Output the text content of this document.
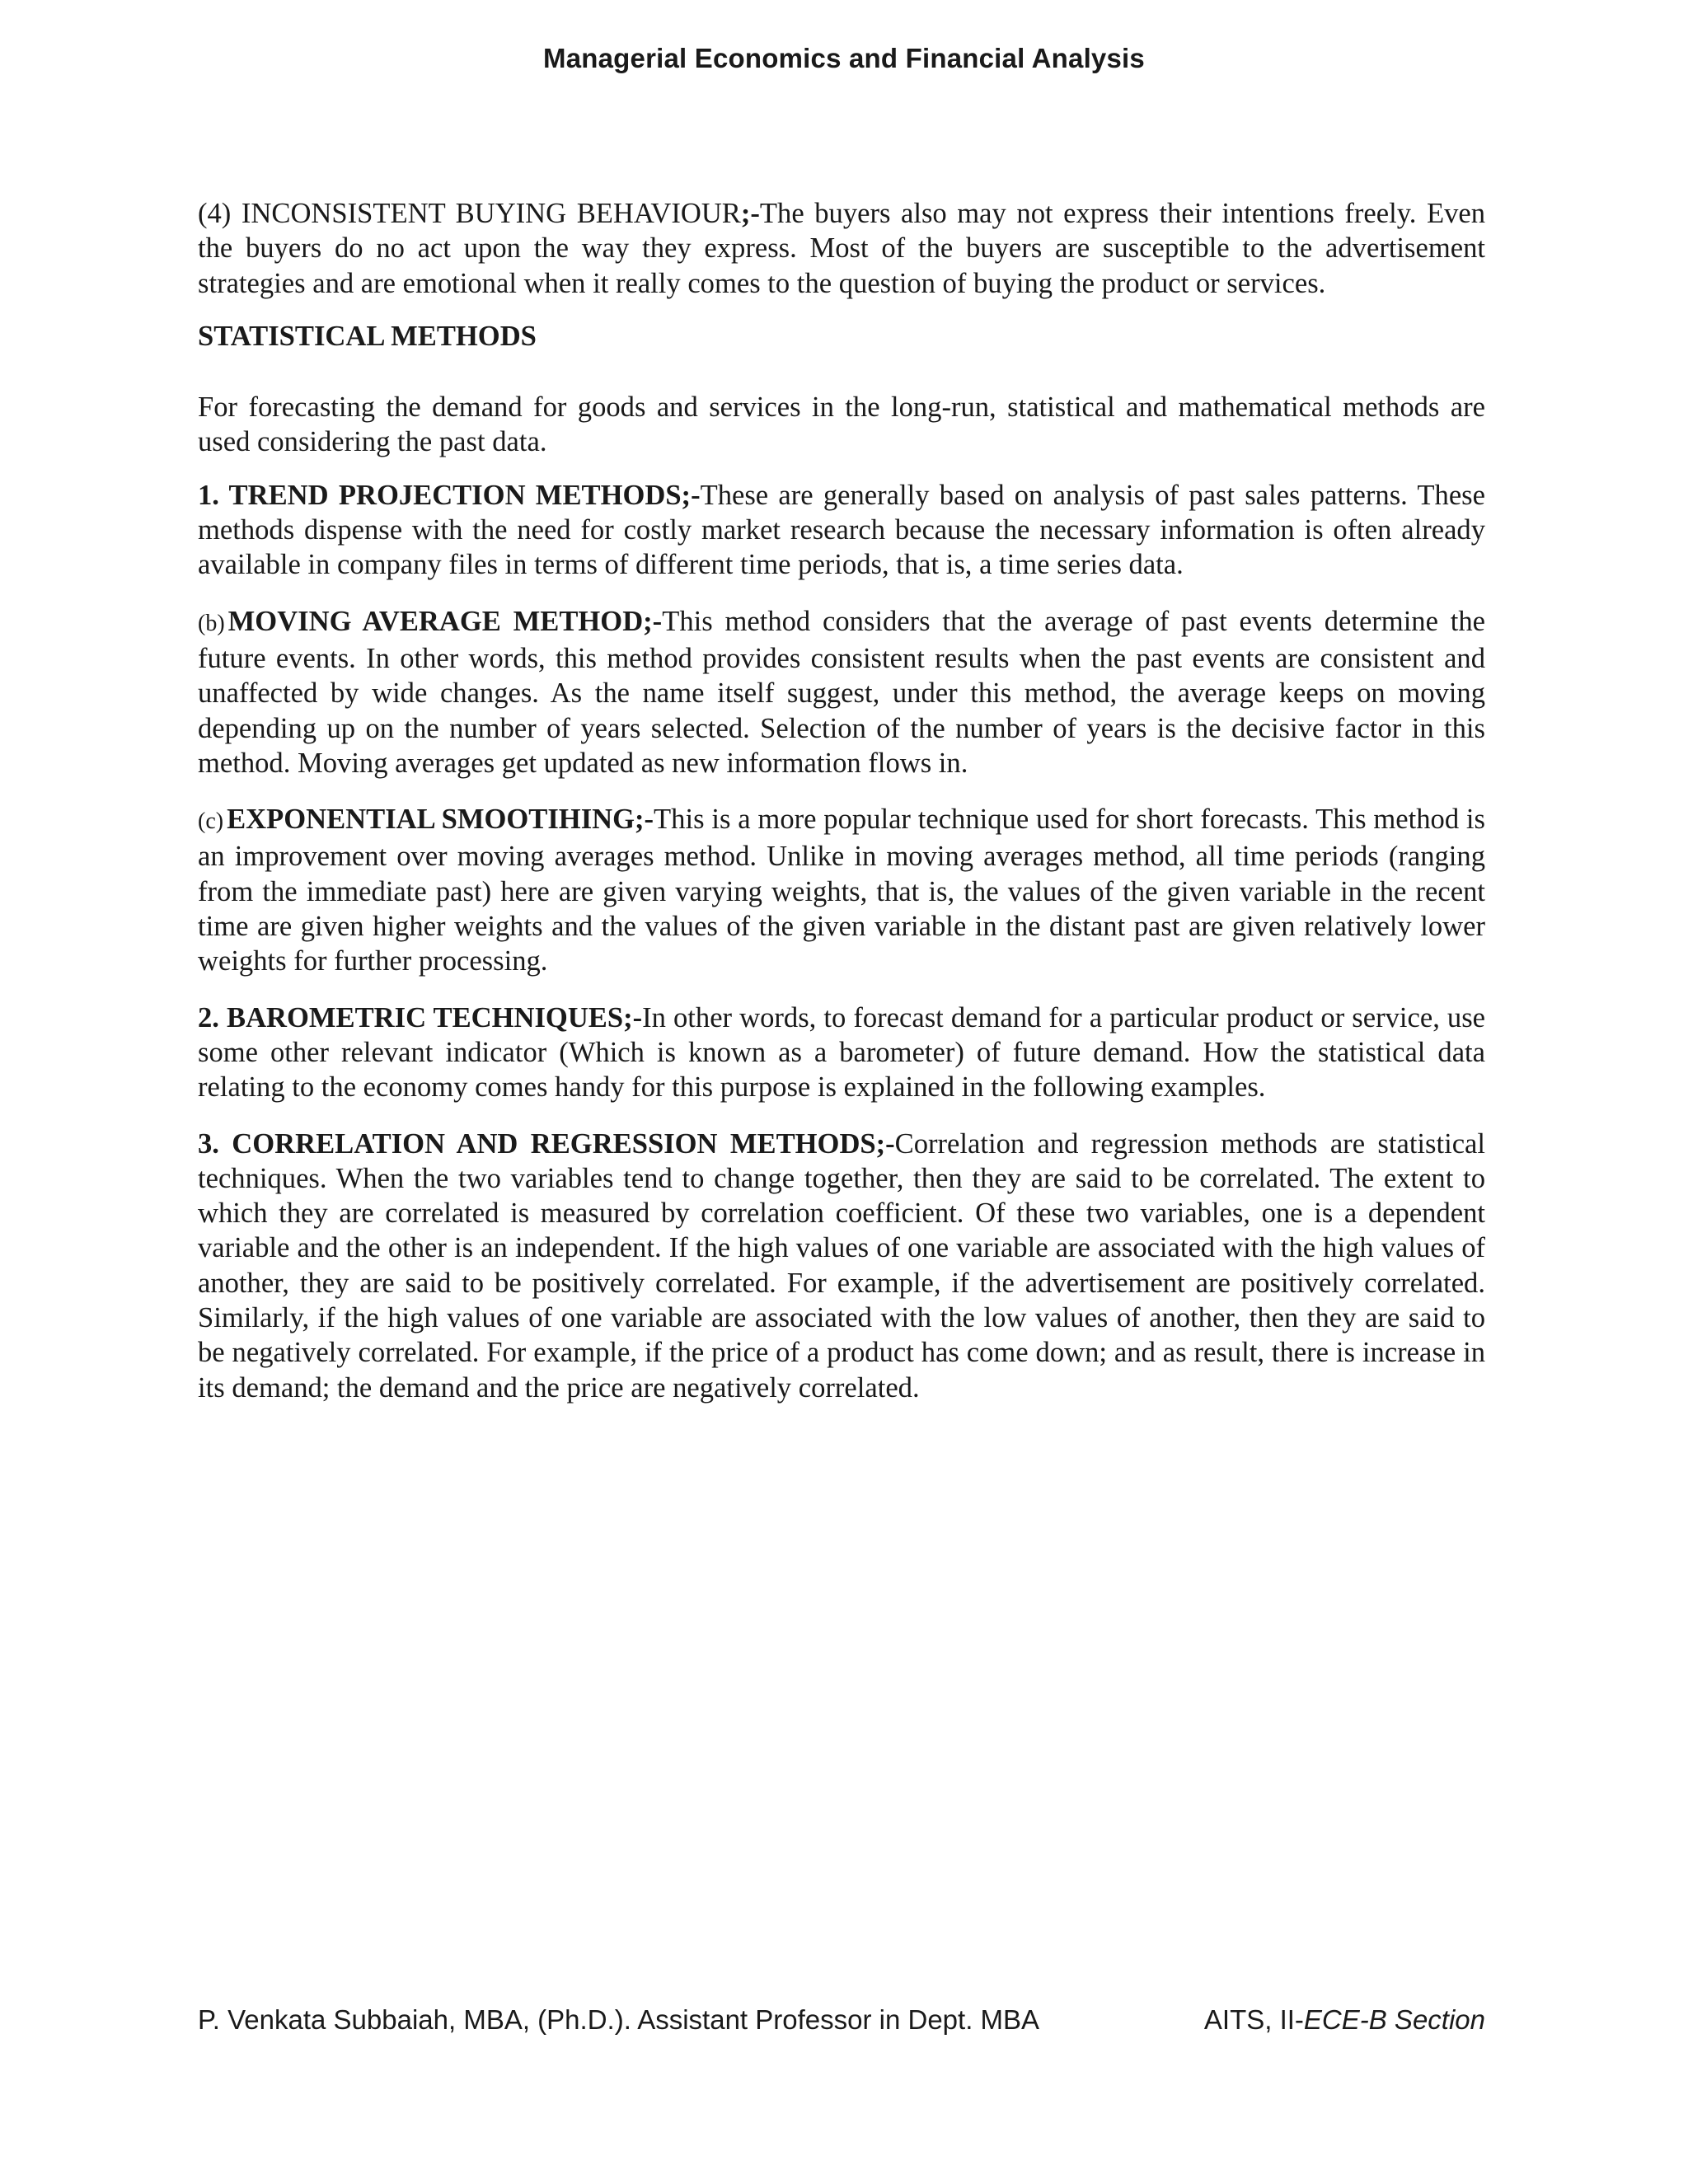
Managerial Economics and Financial Analysis

(4) INCONSISTENT BUYING BEHAVIOUR;-The buyers also may not express their intentions freely. Even the buyers do no act upon the way they express. Most of the buyers are susceptible to the advertisement strategies and are emotional when it really comes to the question of buying the product or services.

STATISTICAL METHODS

For forecasting the demand for goods and services in the long-run, statistical and mathematical methods are used considering the past data.

1. TREND PROJECTION METHODS;-These are generally based on analysis of past sales patterns. These methods dispense with the need for costly market research because the necessary information is often already available in company files in terms of different time periods, that is, a time series data.

(b) MOVING AVERAGE METHOD;-This method considers that the average of past events determine the future events. In other words, this method provides consistent results when the past events are consistent and unaffected by wide changes. As the name itself suggest, under this method, the average keeps on moving depending up on the number of years selected. Selection of the number of years is the decisive factor in this method. Moving averages get updated as new information flows in.

(c) EXPONENTIAL SMOOTIHING;-This is a more popular technique used for short forecasts. This method is an improvement over moving averages method. Unlike in moving averages method, all time periods (ranging from the immediate past) here are given varying weights, that is, the values of the given variable in the recent time are given higher weights and the values of the given variable in the distant past are given relatively lower weights for further processing.

2. BAROMETRIC TECHNIQUES;-In other words, to forecast demand for a particular product or service, use some other relevant indicator (Which is known as a barometer) of future demand. How the statistical data relating to the economy comes handy for this purpose is explained in the following examples.

3. CORRELATION AND REGRESSION METHODS;-Correlation and regression methods are statistical techniques. When the two variables tend to change together, then they are said to be correlated. The extent to which they are correlated is measured by correlation coefficient. Of these two variables, one is a dependent variable and the other is an independent. If the high values of one variable are associated with the high values of another, they are said to be positively correlated. For example, if the advertisement are positively correlated. Similarly, if the high values of one variable are associated with the low values of another, then they are said to be negatively correlated. For example, if the price of a product has come down; and as result, there is increase in its demand; the demand and the price are negatively correlated.

P. Venkata Subbaiah, MBA, (Ph.D.). Assistant Professor in Dept. MBA	AITS, II-ECE-B Section
